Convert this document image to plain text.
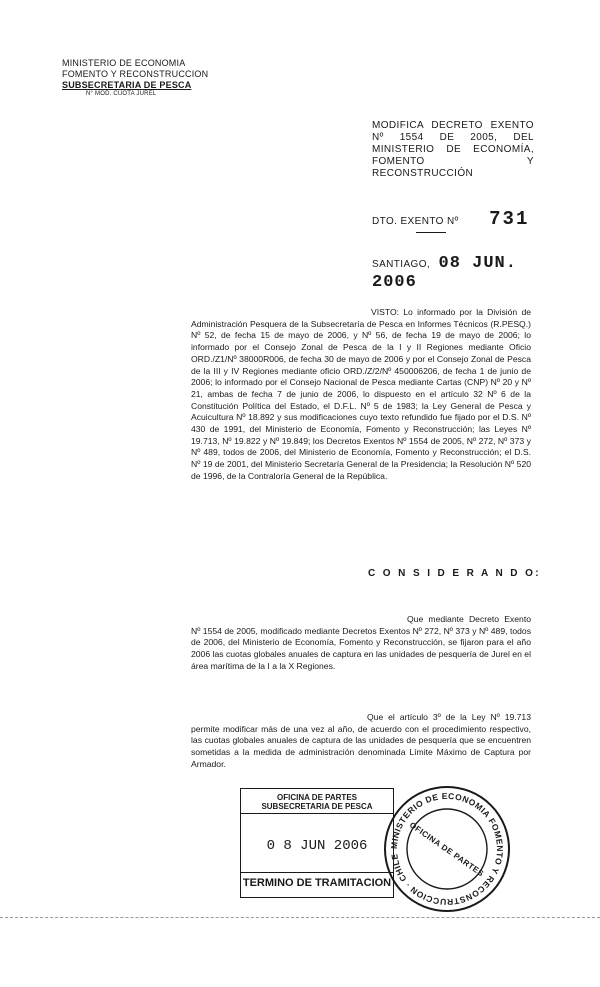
MINISTERIO DE ECONOMIA
FOMENTO Y RECONSTRUCCION
SUBSECRETARIA DE PESCA
N° MOD. CUOTA JUREL
MODIFICA DECRETO EXENTO Nº 1554 DE 2005, DEL MINISTERIO DE ECONOMÍA, FOMENTO Y RECONSTRUCCIÓN
DTO. EXENTO Nº 731
SANTIAGO, 08 JUN. 2006
VISTO: Lo informado por la División de Administración Pesquera de la Subsecretaría de Pesca en Informes Técnicos (R.PESQ.) Nº 52, de fecha 15 de mayo de 2006, y Nº 56, de fecha 19 de mayo de 2006; lo informado por el Consejo Zonal de Pesca de la I y II Regiones mediante Oficio ORD./Z1/Nº 38000R006, de fecha 30 de mayo de 2006 y por el Consejo Zonal de Pesca de la III y IV Regiones mediante oficio ORD./Z/2/Nº 450006206, de fecha 1 de junio de 2006; lo informado por el Consejo Nacional de Pesca mediante Cartas (CNP) Nº 20 y Nº 21, ambas de fecha 7 de junio de 2006, lo dispuesto en el artículo 32 Nº 6 de la Constitución Política del Estado, el D.F.L. Nº 5 de 1983; la Ley General de Pesca y Acuicultura Nº 18.892 y sus modificaciones cuyo texto refundido fue fijado por el D.S. Nº 430 de 1991, del Ministerio de Economía, Fomento y Reconstrucción; las Leyes Nº 19.713, Nº 19.822 y Nº 19.849; los Decretos Exentos Nº 1554 de 2005, Nº 272, Nº 373 y Nº 489, todos de 2006, del Ministerio de Economía, Fomento y Reconstrucción; el D.S. Nº 19 de 2001, del Ministerio Secretaría General de la Presidencia; la Resolución Nº 520 de 1996, de la Contraloría General de la República.
C O N S I D E R A N D O:
Que mediante Decreto Exento Nº 1554 de 2005, modificado mediante Decretos Exentos Nº 272, Nº 373 y Nº 489, todos de 2006, del Ministerio de Economía, Fomento y Reconstrucción, se fijaron para el año 2006 las cuotas globales anuales de captura en las unidades de pesquería de Jurel en el área marítima de la I a la X Regiones.
Que el artículo 3º de la Ley Nº 19.713 permite modificar más de una vez al año, de acuerdo con el procedimiento respectivo, las cuotas globales anuales de captura de las unidades de pesquería que se encuentren sometidas a la medida de administración denominada Límite Máximo de Captura por Armador.
OFICINA DE PARTES
SUBSECRETARIA DE PESCA
0 8 JUN 2006
TERMINO DE TRAMITACION
MINISTERIO DE ECONOMIA FOMENTO Y RECONSTRUCCION · CHILE OFICINA DE PARTES
